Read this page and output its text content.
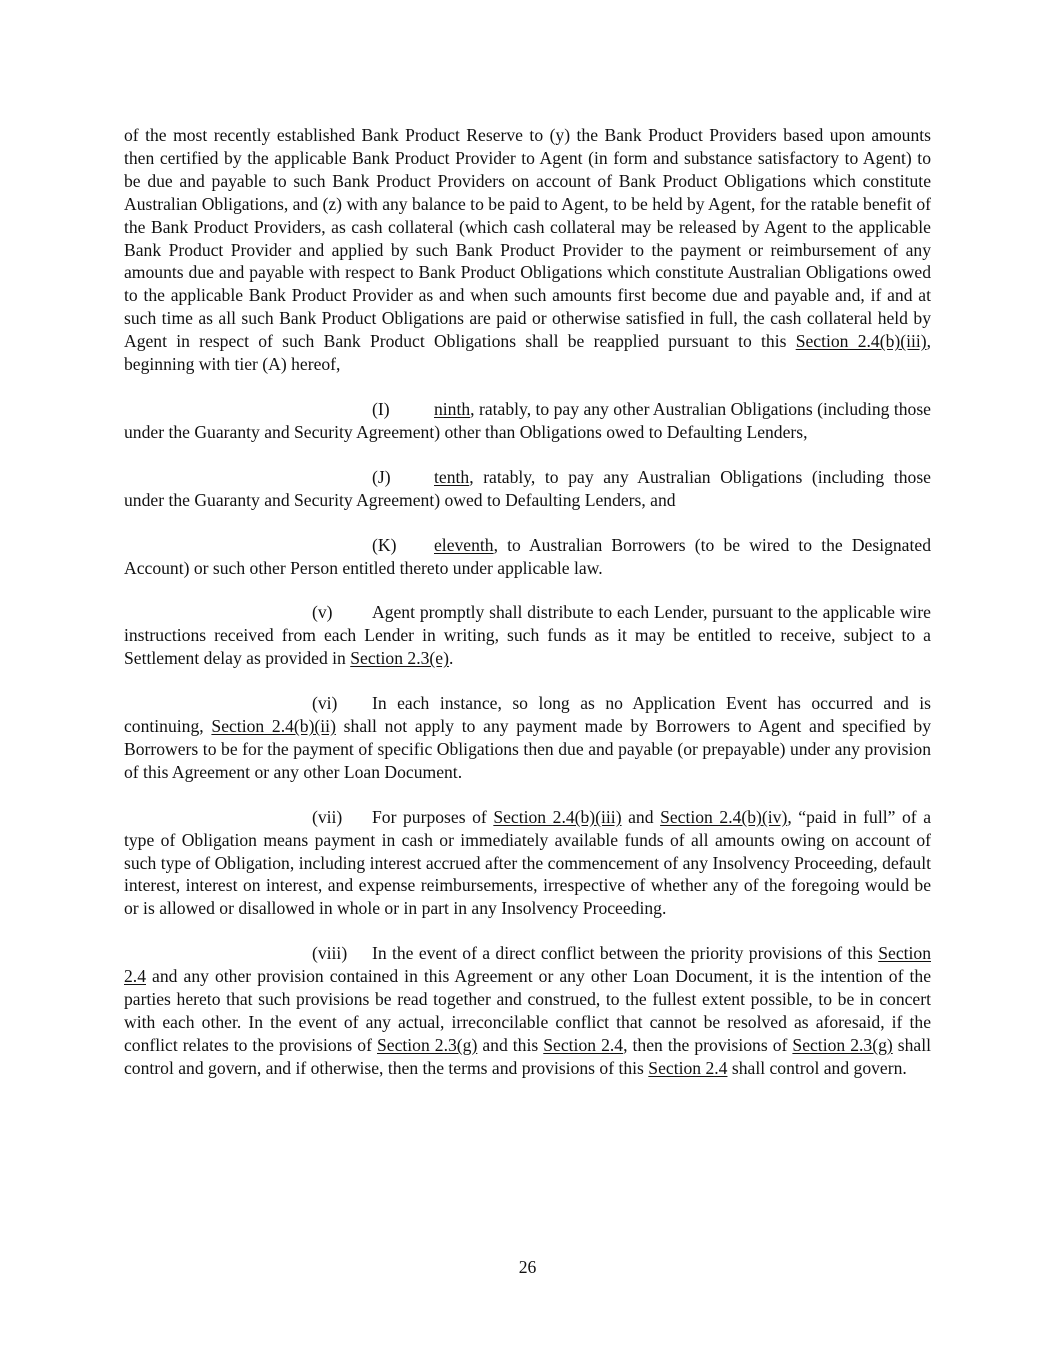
of the most recently established Bank Product Reserve to (y) the Bank Product Providers based upon amounts then certified by the applicable Bank Product Provider to Agent (in form and substance satisfactory to Agent) to be due and payable to such Bank Product Providers on account of Bank Product Obligations which constitute Australian Obligations, and (z) with any balance to be paid to Agent, to be held by Agent, for the ratable benefit of the Bank Product Providers, as cash collateral (which cash collateral may be released by Agent to the applicable Bank Product Provider and applied by such Bank Product Provider to the payment or reimbursement of any amounts due and payable with respect to Bank Product Obligations which constitute Australian Obligations owed to the applicable Bank Product Provider as and when such amounts first become due and payable and, if and at such time as all such Bank Product Obligations are paid or otherwise satisfied in full, the cash collateral held by Agent in respect of such Bank Product Obligations shall be reapplied pursuant to this Section 2.4(b)(iii), beginning with tier (A) hereof,

(I)	ninth, ratably, to pay any other Australian Obligations (including those under the Guaranty and Security Agreement) other than Obligations owed to Defaulting Lenders,

(J) tenth, ratably, to pay any Australian Obligations (including those under the Guaranty and Security Agreement) owed to Defaulting Lenders, and

(K) eleventh, to Australian Borrowers (to be wired to the Designated Account) or such other Person entitled thereto under applicable law.

(v) Agent promptly shall distribute to each Lender, pursuant to the applicable wire instructions received from each Lender in writing, such funds as it may be entitled to receive, subject to a Settlement delay as provided in Section 2.3(e).

(vi) In each instance, so long as no Application Event has occurred and is continuing, Section 2.4(b)(ii) shall not apply to any payment made by Borrowers to Agent and specified by Borrowers to be for the payment of specific Obligations then due and payable (or prepayable) under any provision of this Agreement or any other Loan Document.

(vii) For purposes of Section 2.4(b)(iii) and Section 2.4(b)(iv), “paid in full” of a type of Obligation means payment in cash or immediately available funds of all amounts owing on account of such type of Obligation, including interest accrued after the commencement of any Insolvency Proceeding, default interest, interest on interest, and expense reimbursements, irrespective of whether any of the foregoing would be or is allowed or disallowed in whole or in part in any Insolvency Proceeding.

(viii) In the event of a direct conflict between the priority provisions of this Section 2.4 and any other provision contained in this Agreement or any other Loan Document, it is the intention of the parties hereto that such provisions be read together and construed, to the fullest extent possible, to be in concert with each other. In the event of any actual, irreconcilable conflict that cannot be resolved as aforesaid, if the conflict relates to the provisions of Section 2.3(g) and this Section 2.4, then the provisions of Section 2.3(g) shall control and govern, and if otherwise, then the terms and provisions of this Section 2.4 shall control and govern.

26
